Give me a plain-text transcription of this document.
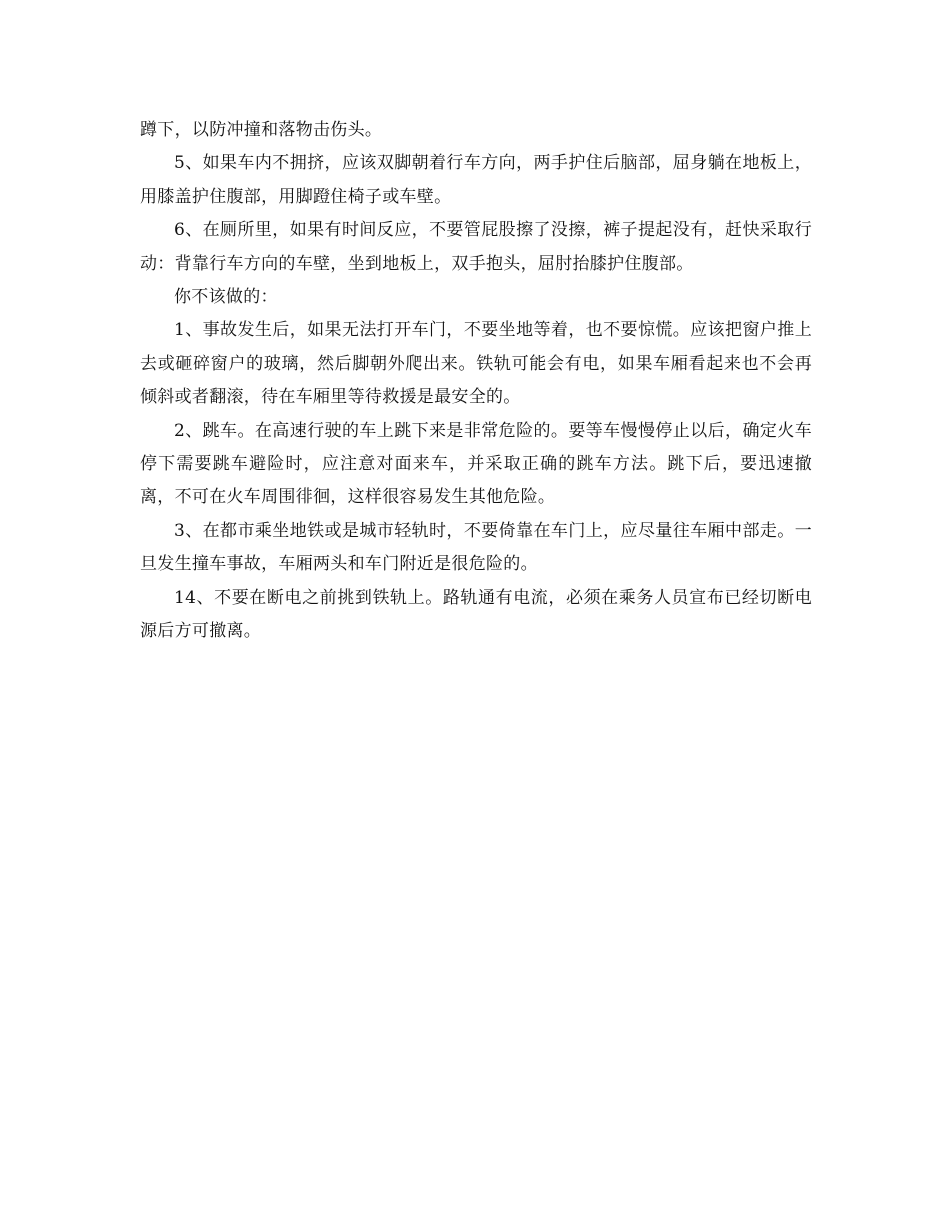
蹲下，以防冲撞和落物击伤头。

5、如果车内不拥挤，应该双脚朝着行车方向，两手护住后脑部，屈身躺在地板上，用膝盖护住腹部，用脚蹬住椅子或车壁。

6、在厕所里，如果有时间反应，不要管屁股擦了没擦，裤子提起没有，赶快采取行动：背靠行车方向的车壁，坐到地板上，双手抱头，屈肘抬膝护住腹部。

你不该做的：

1、事故发生后，如果无法打开车门，不要坐地等着，也不要惊慌。应该把窗户推上去或砸碎窗户的玻璃，然后脚朝外爬出来。铁轨可能会有电，如果车厢看起来也不会再倾斜或者翻滚，待在车厢里等待救援是最安全的。

2、跳车。在高速行驶的车上跳下来是非常危险的。要等车慢慢停止以后，确定火车停下需要跳车避险时，应注意对面来车，并采取正确的跳车方法。跳下后，要迅速撤离，不可在火车周围徘徊，这样很容易发生其他危险。

3、在都市乘坐地铁或是城市轻轨时，不要倚靠在车门上，应尽量往车厢中部走。一旦发生撞车事故，车厢两头和车门附近是很危险的。

14、不要在断电之前挑到铁轨上。路轨通有电流，必须在乘务人员宣布已经切断电源后方可撤离。
